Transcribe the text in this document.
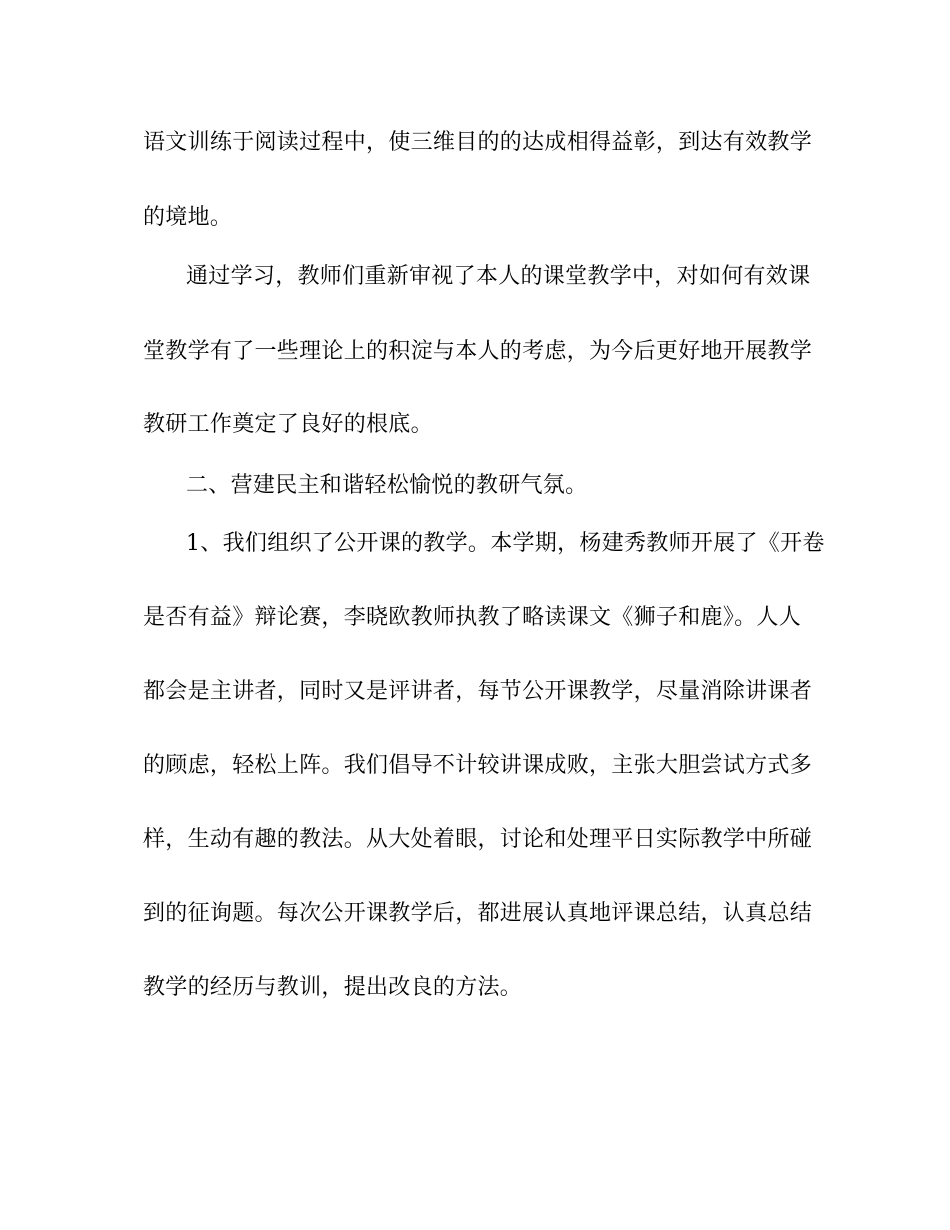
语文训练于阅读过程中，使三维目的的达成相得益彰，到达有效教学
的境地。
通过学习，教师们重新审视了本人的课堂教学中，对如何有效课
堂教学有了一些理论上的积淀与本人的考虑，为今后更好地开展教学
教研工作奠定了良好的根底。
二、营建民主和谐轻松愉悦的教研气氛。
1、我们组织了公开课的教学。本学期，杨建秀教师开展了《开卷
是否有益》辩论赛，李晓欧教师执教了略读课文《狮子和鹿》。人人
都会是主讲者，同时又是评讲者，每节公开课教学，尽量消除讲课者
的顾虑，轻松上阵。我们倡导不计较讲课成败，主张大胆尝试方式多
样，生动有趣的教法。从大处着眼，讨论和处理平日实际教学中所碰
到的征询题。每次公开课教学后，都进展认真地评课总结，认真总结
教学的经历与教训，提出改良的方法。
